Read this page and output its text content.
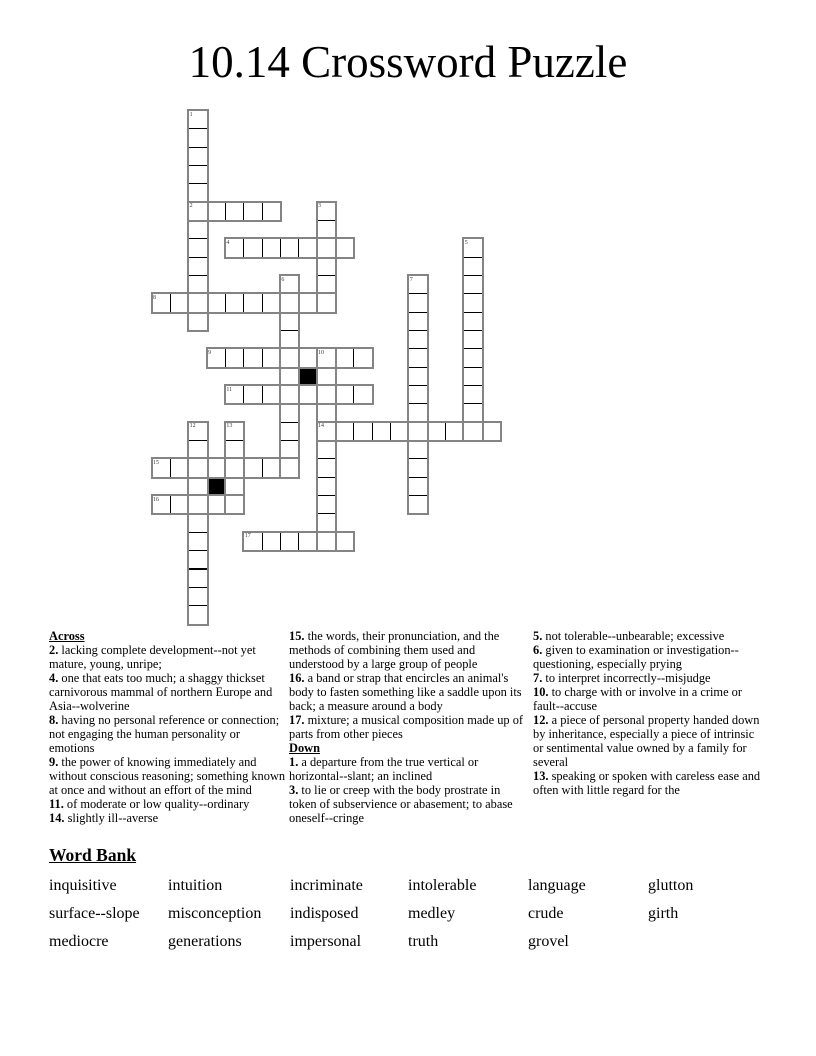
10.14 Crossword Puzzle
1
2	3
4	5
6	7
8
9	10
11
12	13	14
15
16
17
Across
2. lacking complete development--not yet mature, young, unripe;
4. one that eats too much; a shaggy thickset carnivorous mammal of northern Europe and Asia--wolverine
8. having no personal reference or connection; not engaging the human personality or emotions
9. the power of knowing immediately and without conscious reasoning; something known at once and without an effort of the mind
11. of moderate or low quality--ordinary
14. slightly ill--averse
15. the words, their pronunciation, and the methods of combining them used and understood by a large group of people
16. a band or strap that encircles an animal's body to fasten something like a saddle upon its back; a measure around a body
17. mixture; a musical composition made up of parts from other pieces
Down
1. a departure from the true vertical or horizontal--slant; an inclined
3. to lie or creep with the body prostrate in token of subservience or abasement; to abase oneself--cringe
5. not tolerable--unbearable; excessive
6. given to examination or investigation--questioning, especially prying
7. to interpret incorrectly--misjudge
10. to charge with or involve in a crime or fault--accuse
12. a piece of personal property handed down by inheritance, especially a piece of intrinsic or sentimental value owned by a family for several
13. speaking or spoken with careless ease and often with little regard for the
Word Bank
inquisitive	intuition	incriminate	intolerable	language	glutton
surface--slope	misconception	indisposed	medley	crude	girth
mediocre	generations	impersonal	truth	grovel
